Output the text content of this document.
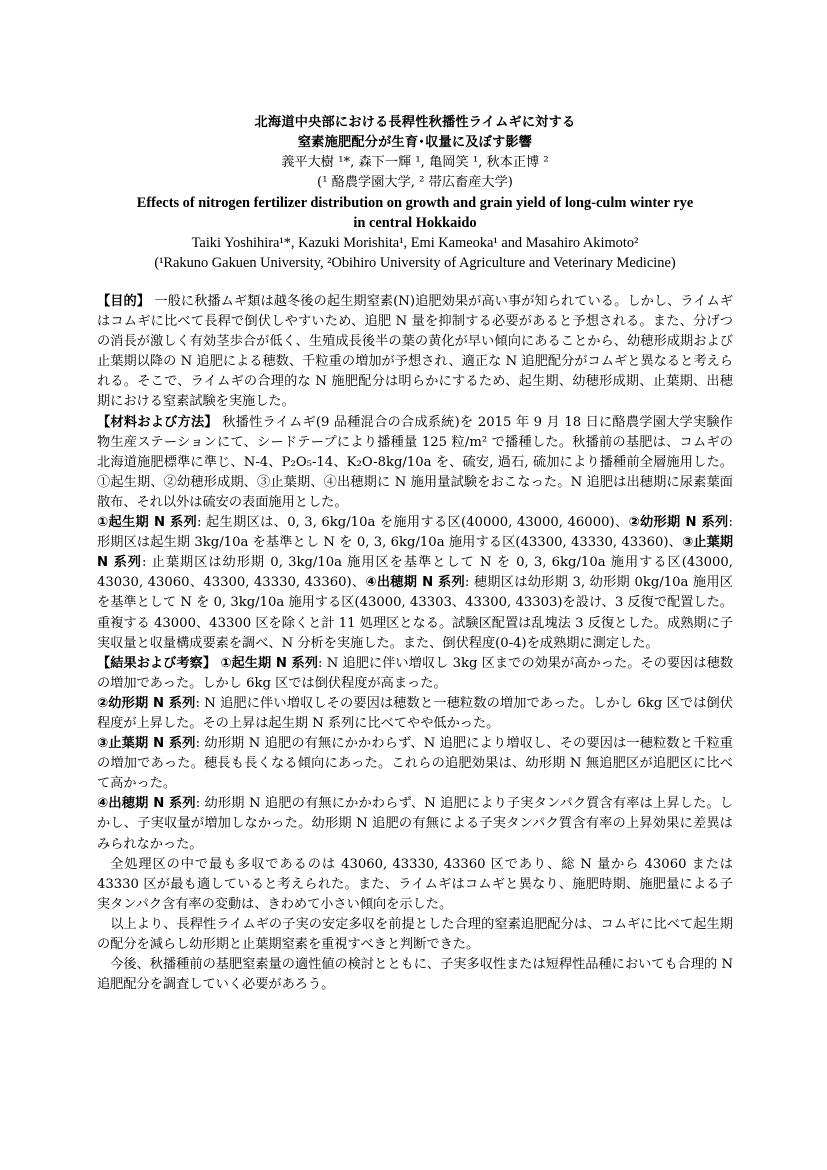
北海道中央部における長稈性秋播性ライムギに対する
窒素施肥配分が生育･収量に及ぼす影響
義平大樹 ¹*, 森下一輝 ¹, 亀岡笑 ¹, 秋本正博 ²
(¹ 酪農学園大学, ² 帯広畜産大学)
Effects of nitrogen fertilizer distribution on growth and grain yield of long-culm winter rye
in central Hokkaido
Taiki Yoshihira¹*, Kazuki Morishita¹, Emi Kameoka¹ and Masahiro Akimoto²
(¹Rakuno Gakuen University, ²Obihiro University of Agriculture and Veterinary Medicine)

【目的】 一般に秋播ムギ類は越冬後の起生期窒素(N)追肥効果が高い事が知られている。しかし、ライムギはコムギに比べて長稈で倒伏しやすいため、追肥 N 量を抑制する必要があると予想される。また、分げつの消長が激しく有効茎歩合が低く、生殖成長後半の葉の黄化が早い傾向にあることから、幼穂形成期および止葉期以降の N 追肥による穂数、千粒重の増加が予想され、適正な N 追肥配分がコムギと異なると考えられる。そこで、ライムギの合理的な N 施肥配分は明らかにするため、起生期、幼穂形成期、止葉期、出穂期における窒素試験を実施した。

【材料および方法】 秋播性ライムギ(9 品種混合の合成系統)を 2015 年 9 月 18 日に酪農学園大学実験作物生産ステーションにて、シードテープにより播種量 125 粒/m² で播種した。秋播前の基肥は、コムギの北海道施肥標準に準じ、N-4、P₂O₅-14、K₂O-8kg/10a を、硫安, 過石, 硫加により播種前全層施用した。①起生期、②幼穂形成期、③止葉期、④出穂期に N 施用量試験をおこなった。N 追肥は出穂期に尿素葉面散布、それ以外は硫安の表面施用とした。

①起生期 N 系列: 起生期区は、0, 3, 6kg/10a を施用する区(40000, 43000, 46000)、②幼形期 N 系列: 形期区は起生期 3kg/10a を基準とし N を 0, 3, 6kg/10a 施用する区(43300, 43330, 43360)、③止葉期 N 系列: 止葉期区は幼形期 0, 3kg/10a 施用区を基準として N を 0, 3, 6kg/10a 施用する区(43000, 43030, 43060、43300, 43330, 43360)、④出穂期 N 系列: 穂期区は幼形期 3, 幼形期 0kg/10a 施用区を基準として N を 0, 3kg/10a 施用する区(43000, 43303、43300, 43303)を設け、3 反復で配置した。重複する 43000、43300 区を除くと計 11 処理区となる。試験区配置は乱塊法 3 反復とした。成熟期に子実収量と収量構成要素を調べ、N 分析を実施した。また、倒伏程度(0-4)を成熟期に測定した。

【結果および考察】 ①起生期 N 系列: N 追肥に伴い増収し 3kg 区までの効果が高かった。その要因は穂数の増加であった。しかし 6kg 区では倒伏程度が高まった。

②幼形期 N 系列: N 追肥に伴い増収しその要因は穂数と一穂粒数の増加であった。しかし 6kg 区では倒伏程度が上昇した。その上昇は起生期 N 系列に比べてやや低かった。

③止葉期 N 系列: 幼形期 N 追肥の有無にかかわらず、N 追肥により増収し、その要因は一穂粒数と千粒重の増加であった。穂長も長くなる傾向にあった。これらの追肥効果は、幼形期 N 無追肥区が追肥区に比べて高かった。

④出穂期 N 系列: 幼形期 N 追肥の有無にかかわらず、N 追肥により子実タンパク質含有率は上昇した。しかし、子実収量が増加しなかった。幼形期 N 追肥の有無による子実タンパク質含有率の上昇効果に差異はみられなかった。

全処理区の中で最も多収であるのは 43060, 43330, 43360 区であり、総 N 量から 43060 または 43330 区が最も適していると考えられた。また、ライムギはコムギと異なり、施肥時期、施肥量による子実タンパク含有率の変動は、きわめて小さい傾向を示した。

以上より、長稈性ライムギの子実の安定多収を前提とした合理的窒素追肥配分は、コムギに比べて起生期の配分を減らし幼形期と止葉期窒素を重視すべきと判断できた。

今後、秋播種前の基肥窒素量の適性値の検討とともに、子実多収性または短稈性品種においても合理的 N 追肥配分を調査していく必要があろう。
